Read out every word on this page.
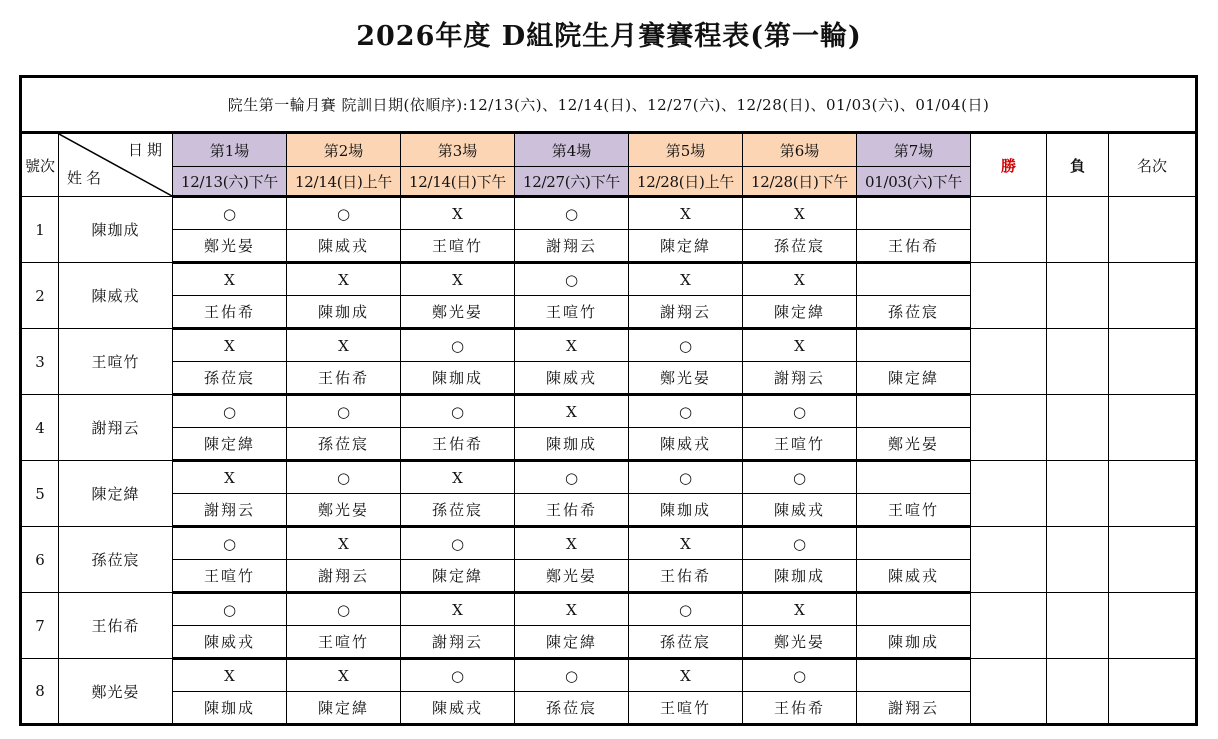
2026年度 D組院生月賽賽程表(第一輪)
院生第一輪月賽 院訓日期(依順序):12/13(六)、12/14(日)、12/27(六)、12/28(日)、01/03(六)、01/04(日)											
號次	日期
姓名	第1場	第2場	第3場	第4場	第5場	第6場	第7場	勝	負	名次
		12/13(六)下午	12/14(日)上午	12/14(日)下午	12/27(六)下午	12/28(日)上午	12/28(日)下午	01/03(六)下午			
1	陳珈成	○	○	X	○	X	X				
		鄭光晏	陳威戎	王喧竹	謝翔云	陳定緯	孫莅宸	王佑希			
2	陳威戎	X	X	X	○	X	X				
		王佑希	陳珈成	鄭光晏	王喧竹	謝翔云	陳定緯	孫莅宸			
3	王喧竹	X	X	○	X	○	X				
		孫莅宸	王佑希	陳珈成	陳威戎	鄭光晏	謝翔云	陳定緯			
4	謝翔云	○	○	○	X	○	○				
		陳定緯	孫莅宸	王佑希	陳珈成	陳威戎	王喧竹	鄭光晏			
5	陳定緯	X	○	X	○	○	○				
		謝翔云	鄭光晏	孫莅宸	王佑希	陳珈成	陳威戎	王喧竹			
6	孫莅宸	○	X	○	X	X	○				
		王喧竹	謝翔云	陳定緯	鄭光晏	王佑希	陳珈成	陳威戎			
7	王佑希	○	○	X	X	○	X				
		陳威戎	王喧竹	謝翔云	陳定緯	孫莅宸	鄭光晏	陳珈成			
8	鄭光晏	X	X	○	○	X	○				
		陳珈成	陳定緯	陳威戎	孫莅宸	王喧竹	王佑希	謝翔云			
